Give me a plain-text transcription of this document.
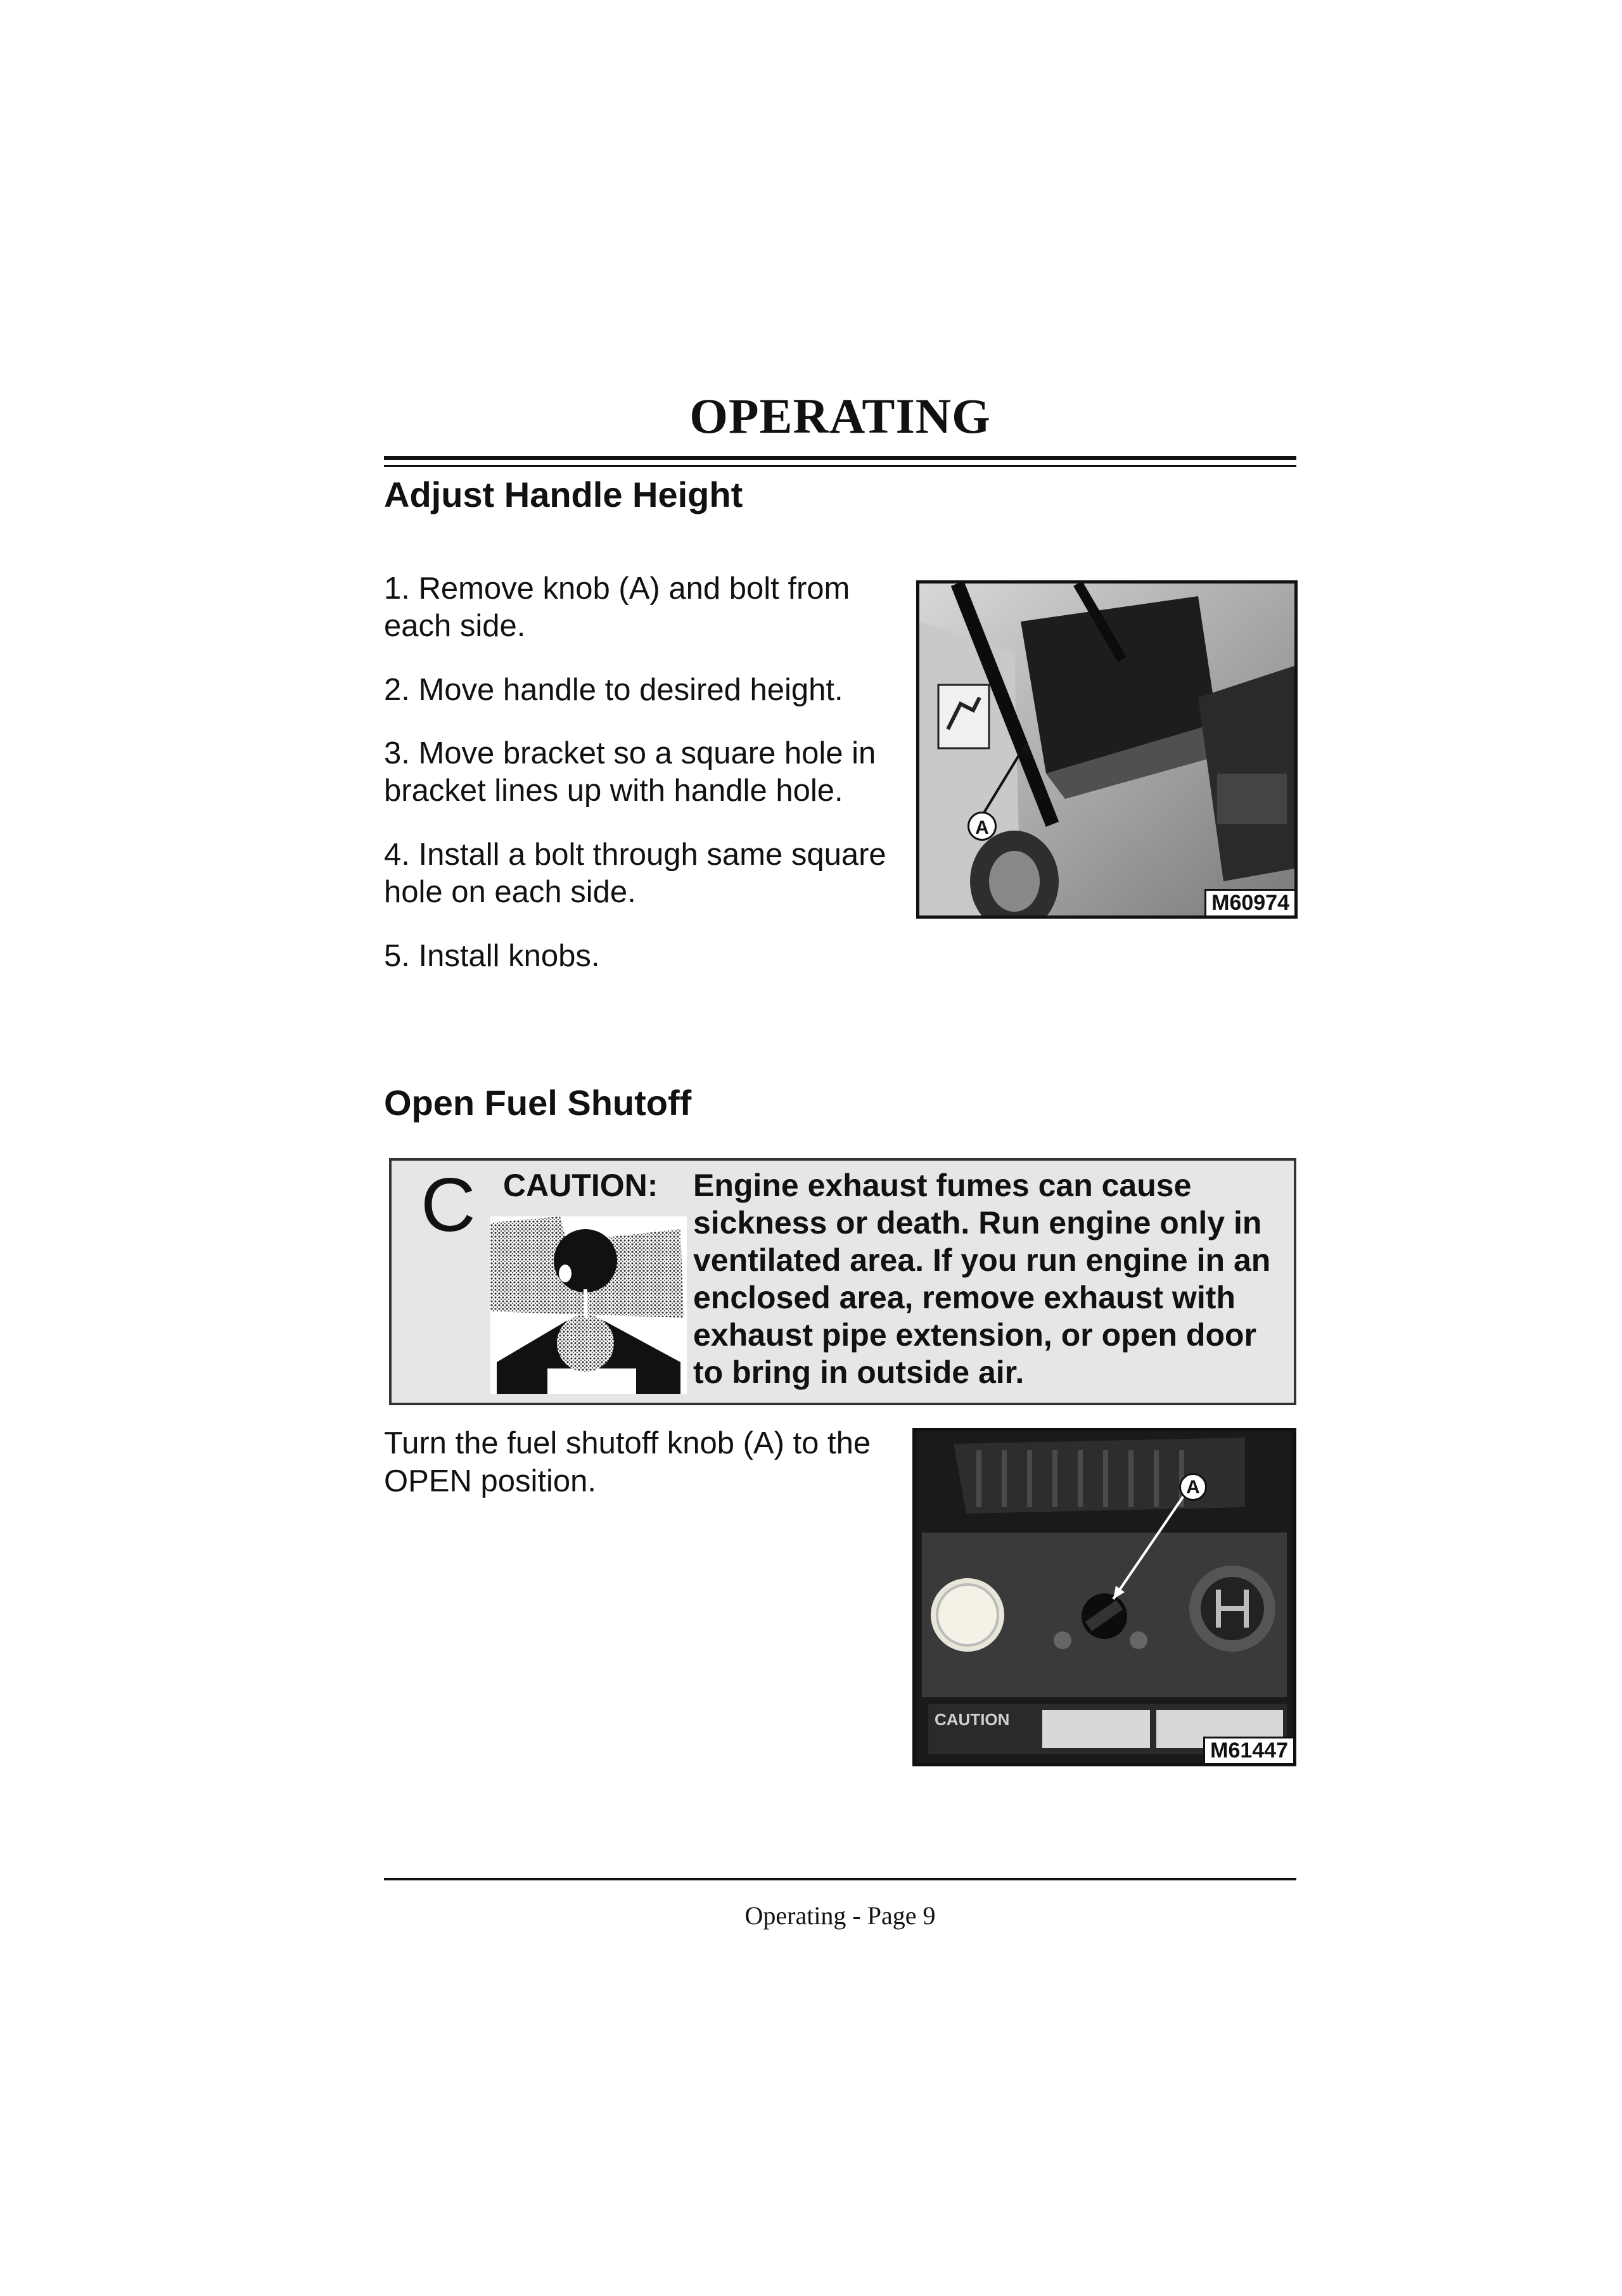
OPERATING
Adjust Handle Height
1. Remove knob (A) and bolt from each side.
2. Move handle to desired height.
3. Move bracket so a square hole in bracket lines up with handle hole.
4. Install a bolt through same square hole on each side.
5. Install knobs.
A
M60974
Open Fuel Shutoff
C CAUTION: Engine exhaust fumes can cause sickness or death. Run engine only in ventilated area. If you run engine in an enclosed area, remove exhaust with exhaust pipe extension, or open door to bring in outside air.
Turn the fuel shutoff knob (A) to the OPEN position.	A
CAUTION
M61447
Operating - Page 9
